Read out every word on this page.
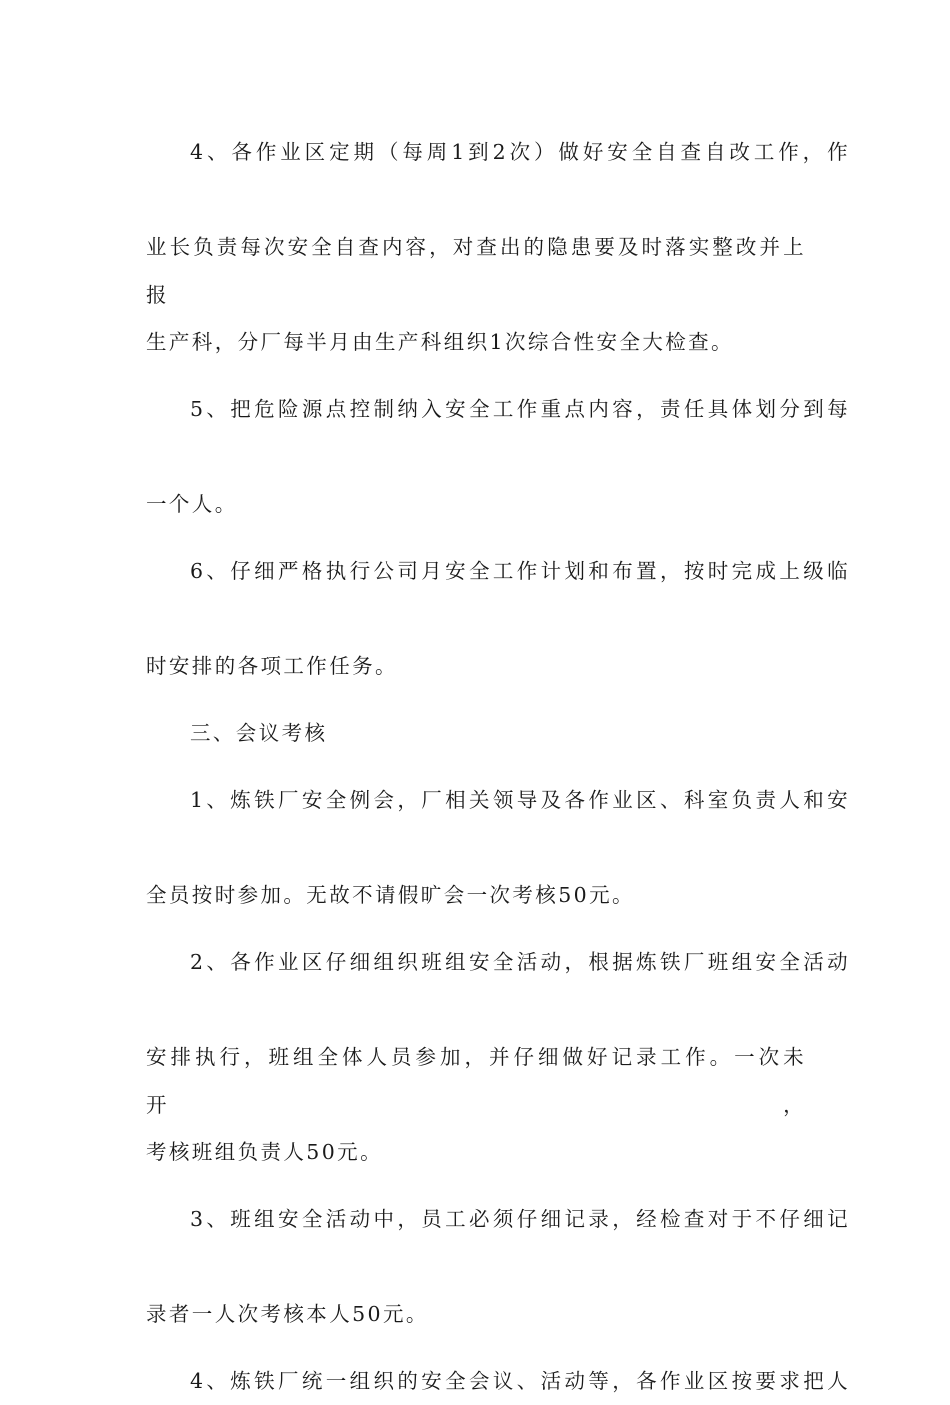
4、各作业区定期（每周1到2次）做好安全自查自改工作，作
业长负责每次安全自查内容，对查出的隐患要及时落实整改并上报
生产科，分厂每半月由生产科组织1次综合性安全大检查。
5、把危险源点控制纳入安全工作重点内容，责任具体划分到每
一个人。
6、仔细严格执行公司月安全工作计划和布置，按时完成上级临
时安排的各项工作任务。
三、会议考核
1、炼铁厂安全例会，厂相关领导及各作业区、科室负责人和安
全员按时参加。无故不请假旷会一次考核50元。
2、各作业区仔细组织班组安全活动，根据炼铁厂班组安全活动
安排执行，班组全体人员参加，并仔细做好记录工作。一次未开，
考核班组负责人50元。
3、班组安全活动中，员工必须仔细记录，经检查对于不仔细记
录者一人次考核本人50元。
4、炼铁厂统一组织的安全会议、活动等，各作业区按要求把人
